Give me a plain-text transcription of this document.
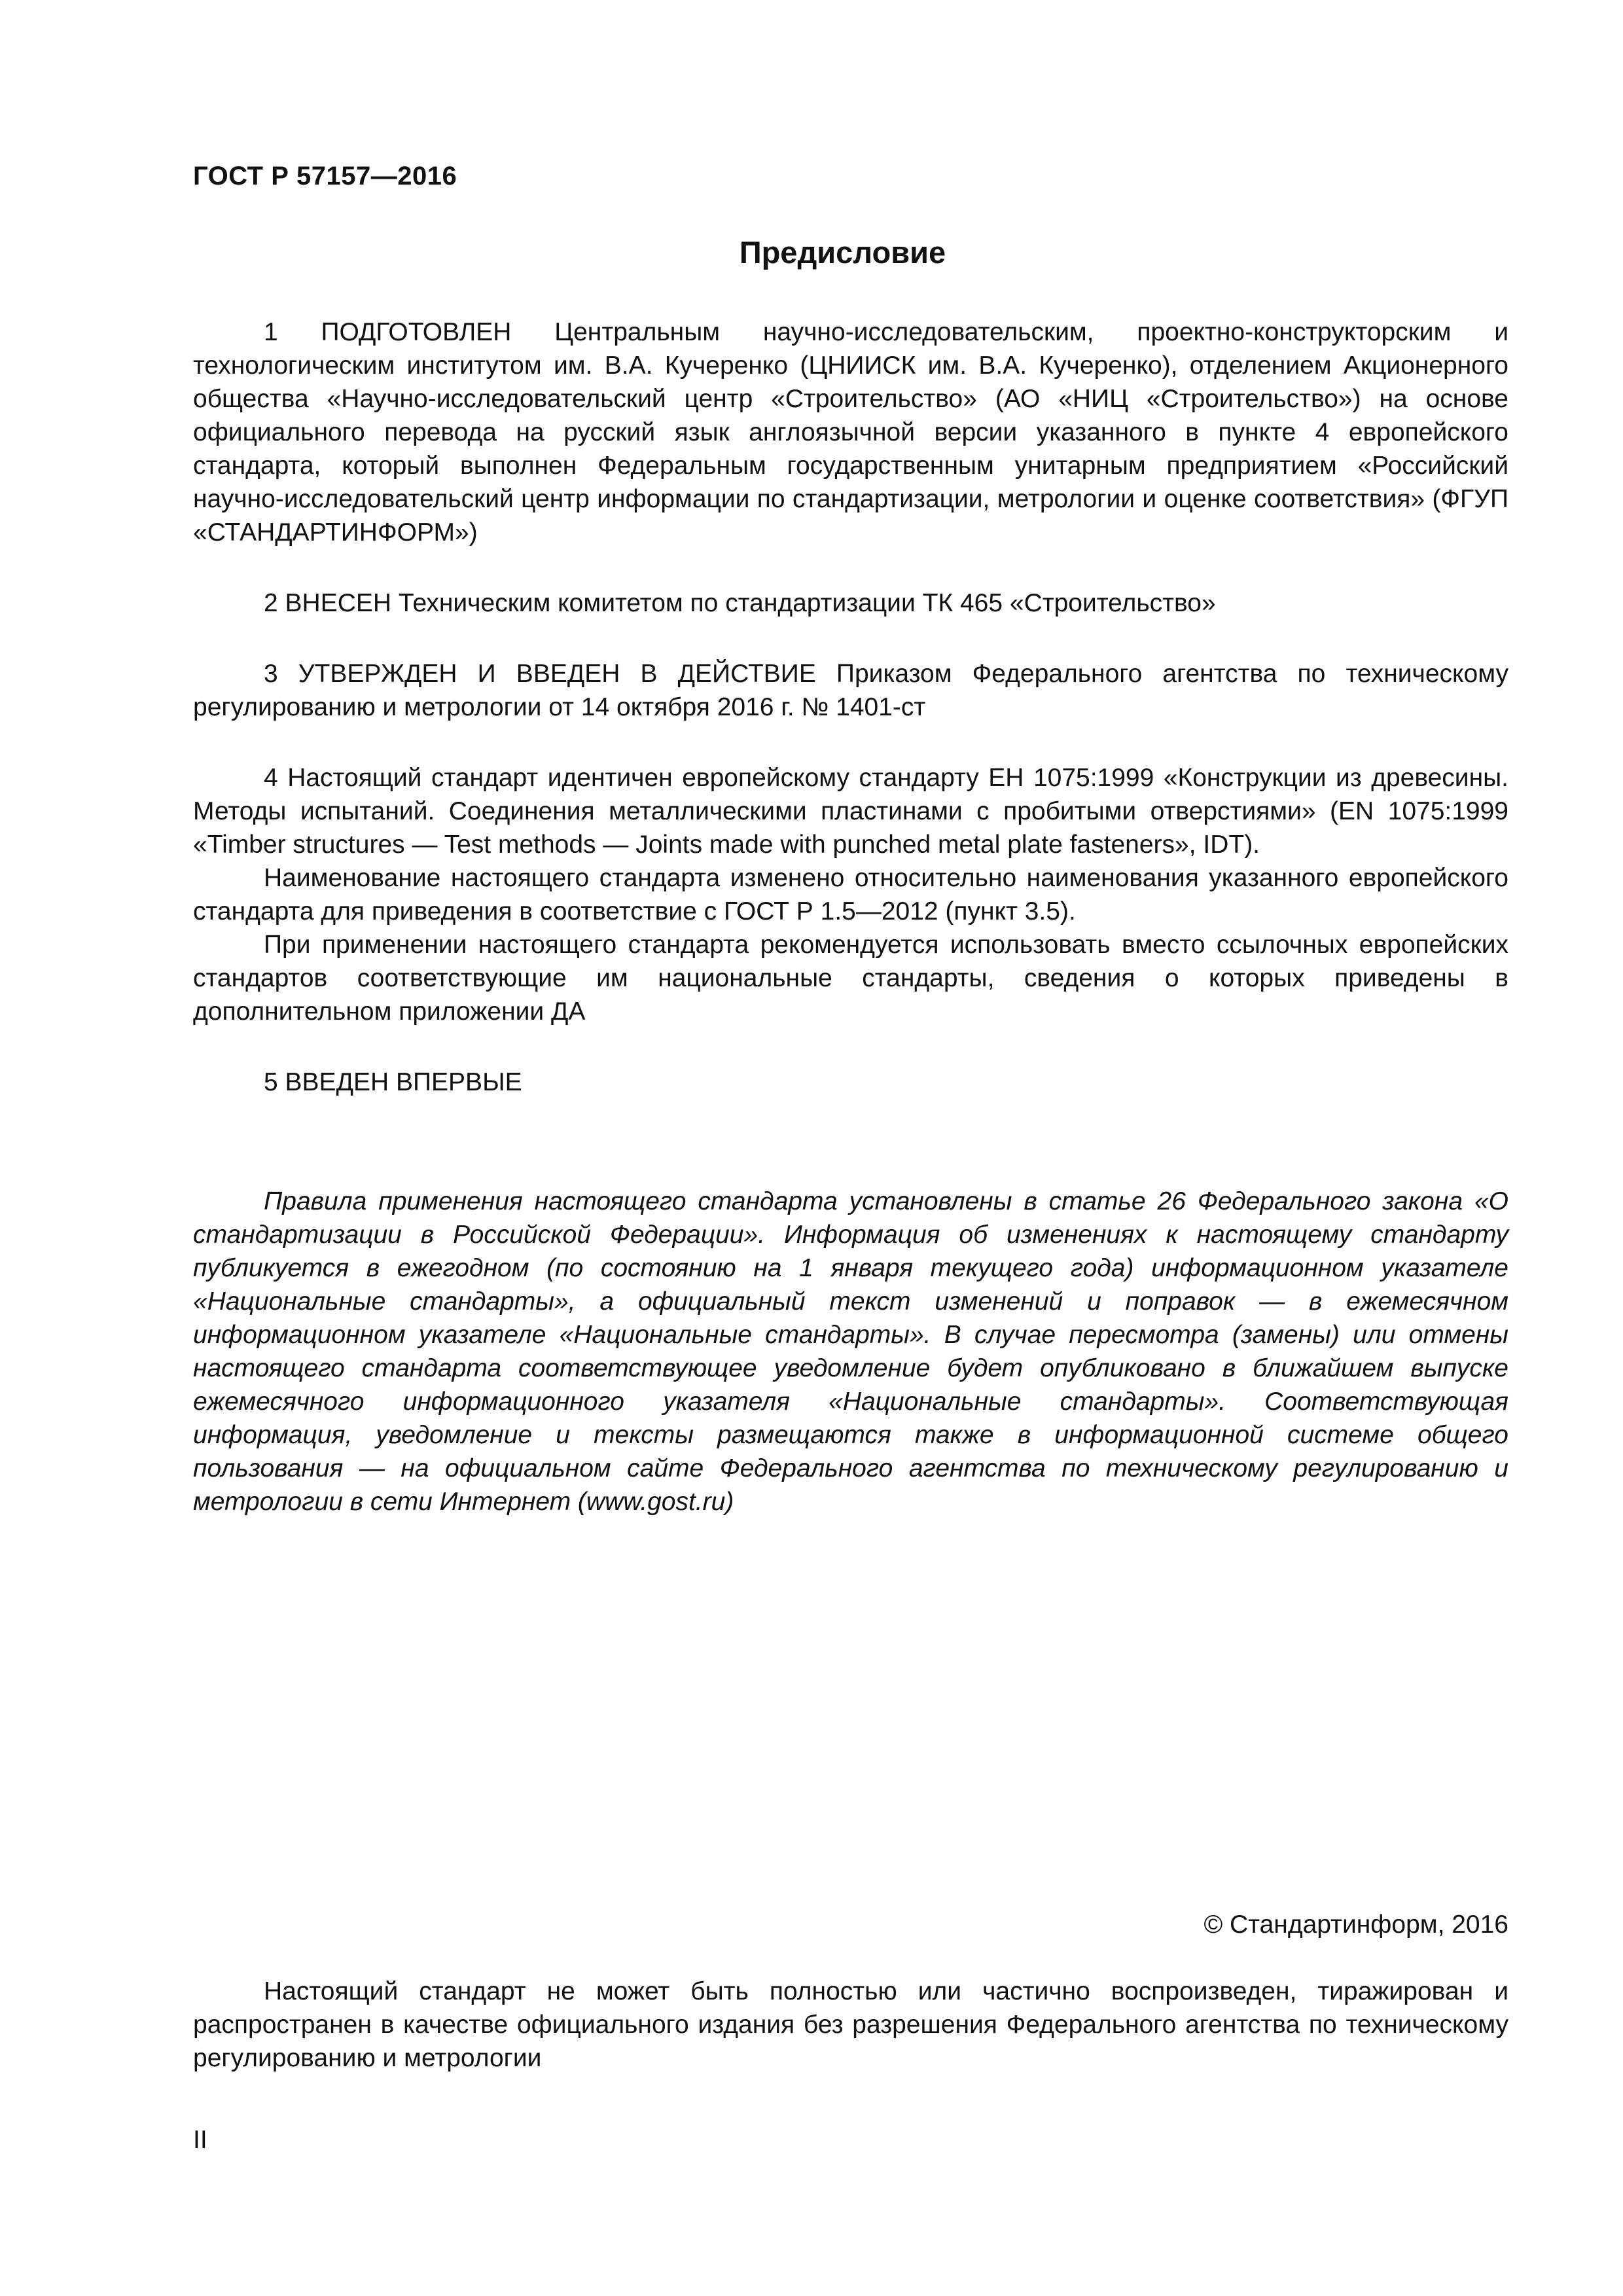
ГОСТ Р 57157—2016
Предисловие

1 ПОДГОТОВЛЕН Центральным научно-исследовательским, проектно-конструкторским и технологическим институтом им. В.А. Кучеренко (ЦНИИСК им. В.А. Кучеренко), отделением Акционерного общества «Научно-исследовательский центр «Строительство» (АО «НИЦ «Строительство») на основе официального перевода на русский язык англоязычной версии указанного в пункте 4 европейского стандарта, который выполнен Федеральным государственным унитарным предприятием «Российский научно-исследовательский центр информации по стандартизации, метрологии и оценке соответствия» (ФГУП «СТАНДАРТИНФОРМ»)

2 ВНЕСЕН Техническим комитетом по стандартизации ТК 465 «Строительство»

3 УТВЕРЖДЕН И ВВЕДЕН В ДЕЙСТВИЕ Приказом Федерального агентства по техническому регулированию и метрологии от 14 октября 2016 г. № 1401-ст

4 Настоящий стандарт идентичен европейскому стандарту ЕН 1075:1999 «Конструкции из древесины. Методы испытаний. Соединения металлическими пластинами с пробитыми отверстиями» (EN 1075:1999 «Timber structures — Test methods — Joints made with punched metal plate fasteners», IDT).

Наименование настоящего стандарта изменено относительно наименования указанного европейского стандарта для приведения в соответствие с ГОСТ Р 1.5—2012 (пункт 3.5).

При применении настоящего стандарта рекомендуется использовать вместо ссылочных европейских стандартов соответствующие им национальные стандарты, сведения о которых приведены в дополнительном приложении ДА

5 ВВЕДЕН ВПЕРВЫЕ

Правила применения настоящего стандарта установлены в статье 26 Федерального закона «О стандартизации в Российской Федерации». Информация об изменениях к настоящему стандарту публикуется в ежегодном (по состоянию на 1 января текущего года) информационном указателе «Национальные стандарты», а официальный текст изменений и поправок — в ежемесячном информационном указателе «Национальные стандарты». В случае пересмотра (замены) или отмены настоящего стандарта соответствующее уведомление будет опубликовано в ближайшем выпуске ежемесячного информационного указателя «Национальные стандарты». Соответствующая информация, уведомление и тексты размещаются также в информационной системе общего пользования — на официальном сайте Федерального агентства по техническому регулированию и метрологии в сети Интернет (www.gost.ru)

© Стандартинформ, 2016

Настоящий стандарт не может быть полностью или частично воспроизведен, тиражирован и распространен в качестве официального издания без разрешения Федерального агентства по техническому регулированию и метрологии

II
